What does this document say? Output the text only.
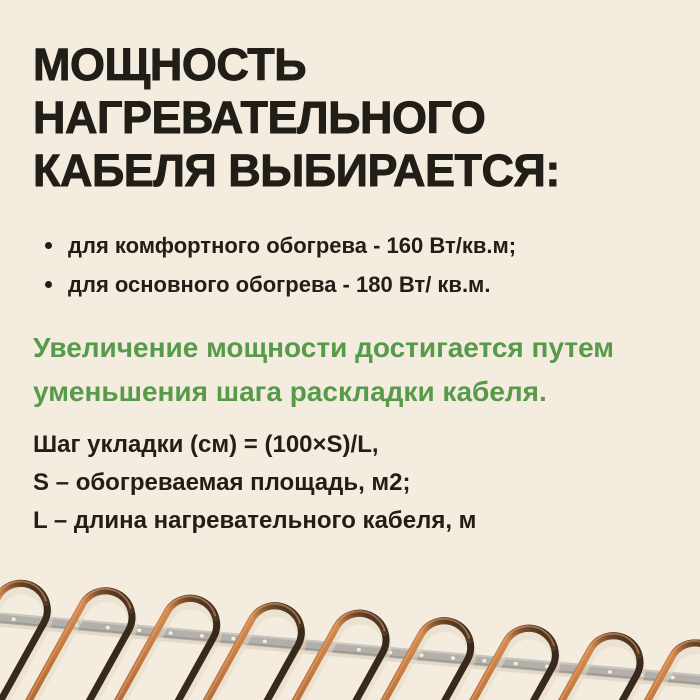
МОЩНОСТЬ
НАГРЕВАТЕЛЬНОГО
КАБЕЛЯ ВЫБИРАЕТСЯ:
для комфортного обогрева - 160 Вт/кв.м;
для основного обогрева - 180 Вт/ кв.м.

Увеличение мощности достигается путем
уменьшения шага раскладки кабеля.

Шаг укладки (см) = (100×S)/L,
S – обогреваемая площадь, м2;
L – длина нагревательного кабеля, м
